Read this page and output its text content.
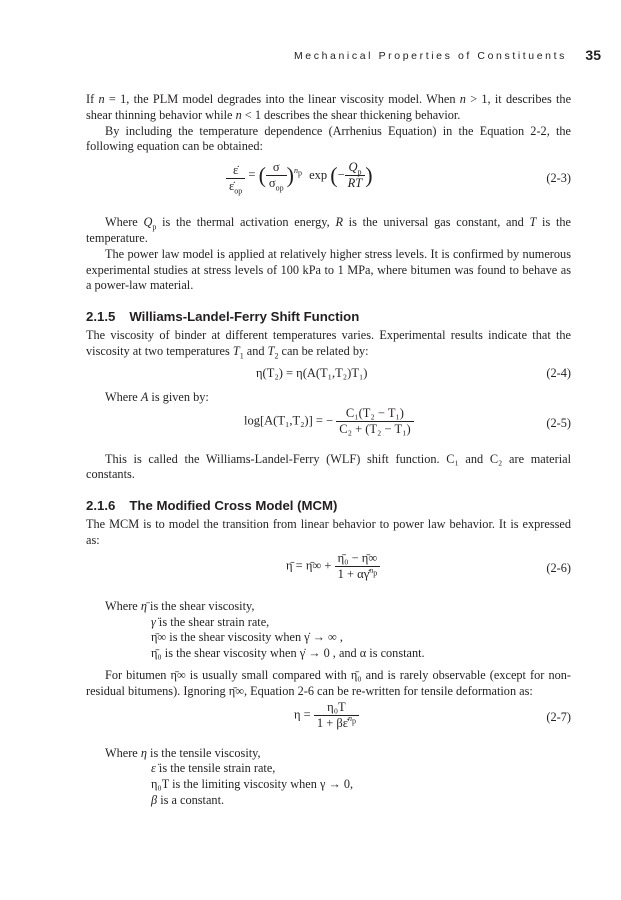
Mechanical Properties of Constituents 35

If n = 1, the PLM model degrades into the linear viscosity model. When n > 1, it describes the shear thinning behavior while n < 1 describes the shear thickening behavior.

By including the temperature dependence (Arrhenius Equation) in the Equation 2-2, the following equation can be obtained:

$\frac{\varepsiloṅ}{\varepsiloṅ_{op}}$ = ( $\frac{\sigma}{\sigma_{op}} )^{n_p}$ exp (− $\frac{Q_p}{RT}$ )	(2-3)

Where $Q_p$ is the thermal activation energy, R is the universal gas constant, and T is the temperature.

The power law model is applied at relatively higher stress levels. It is confirmed by numerous experimental studies at stress levels of 100 kPa to 1 MPa, where bitumen was found to behave as a power-law material.

2.1.5 Williams-Landel-Ferry Shift Function

The viscosity of binder at different temperatures varies. Experimental results indicate that the viscosity at two temperatures $T_1$ and $T_2$ can be related by:

η(T₂) = η(A(T₁,T₂)T₁)	(2-4)

Where A is given by:

log[A(T₁,T₂)] = − $\frac{\text{C₁(T₂ − T₁)}}{\text{C₂ + (T₂ − T₁)}}$	(2-5)

This is called the Williams-Landel-Ferry (WLF) shift function. C₁ and C₂ are material constants.

2.1.6 The Modified Cross Model (MCM)

The MCM is to model the transition from linear behavior to power law behavior. It is expressed as:

η̄ = η̄∞ + $\frac{\text{η̄₀ − η̄∞}}{1 + \alpha\gammȧ^{n_p}}$	(2-6)
Where η̄ is the shear viscosity,
γ̇ is the shear strain rate,
η̄∞ is the shear viscosity when γ̇ → ∞ ,
η̄₀ is the shear viscosity when γ̇ → 0 , and α is constant.

For bitumen η̄∞ is usually small compared with η̄₀ and is rarely observable (except for non-residual bitumens). Ignoring η̄∞, Equation 2-6 can be re-written for tensile deformation as:

$\eta = \frac{\text{η₀T}}{1 + \beta\varepsiloṅ^{n_p}}$	(2-7)
Where η is the tensile viscosity,
ε̇ is the tensile strain rate,
η₀T is the limiting viscosity when γ → 0,
β is a constant.
